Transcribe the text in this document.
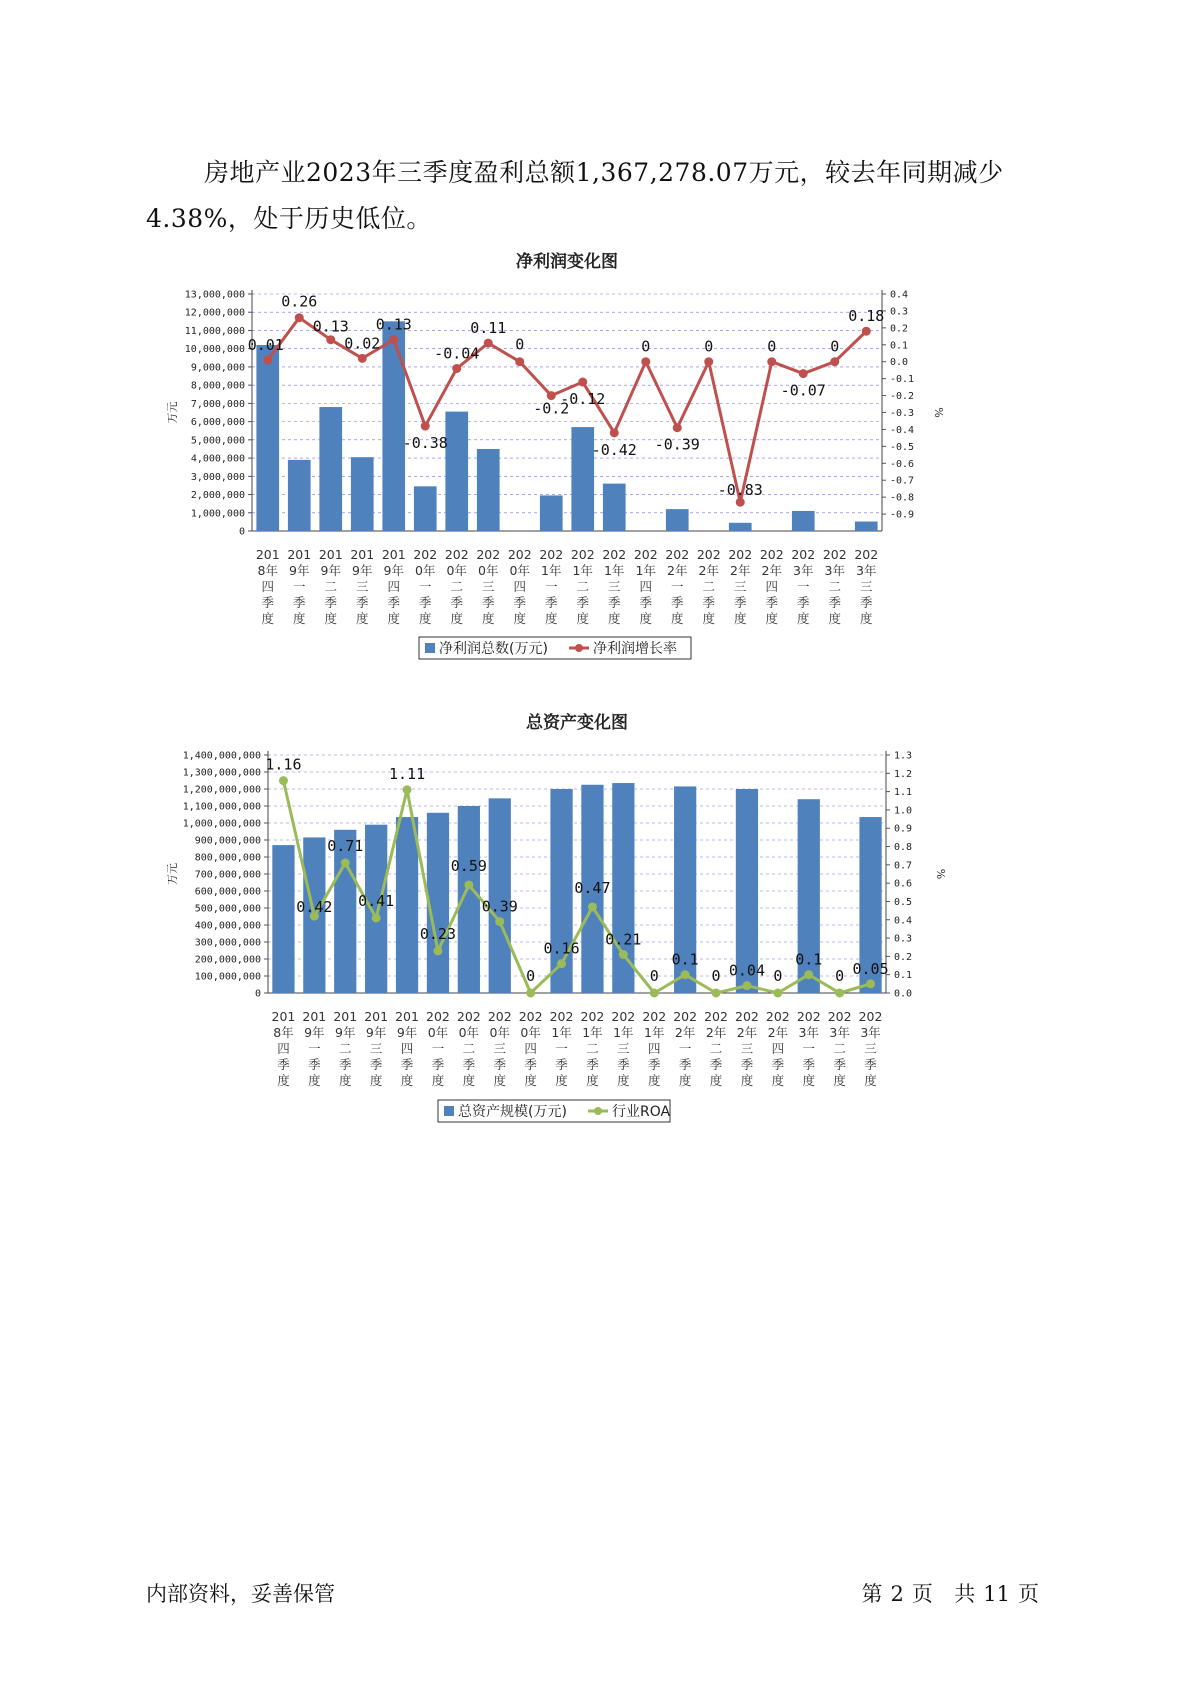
房地产业2023年三季度盈利总额1,367,278.07万元，较去年同期减少4.38%，处于历史低位。

净利润变化图
0
1,000,000
2,000,000
3,000,000
4,000,000
5,000,000
6,000,000
7,000,000
8,000,000
9,000,000
10,000,000
11,000,000
12,000,000
13,000,000	0.4
0.3
0.2
0.1
0.0
-0.1
-0.2
-0.3
-0.4
-0.5
-0.6
-0.7
-0.8
-0.9
万元	%
0.01
0.26
0.13
0.02
0.13
-0.38
-0.04
0.11
0
-0.2
-0.12
-0.42
0
-0.39
0
-0.83
0
-0.07
0
0.18
201 8年四季度
201 9年一季度
201 9年二季度
201 9年三季度
201 9年四季度
202 0年一季度
202 0年二季度
202 0年三季度
202 0年四季度
202 1年一季度
202 1年二季度
202 1年三季度
202 1年四季度
202 2年一季度
202 2年二季度
202 2年三季度
202 2年四季度
202 3年一季度
202 3年二季度
202 3年三季度
净利润总数(万元)	净利润增长率
总资产变化图
0
100,000,000
200,000,000
300,000,000
400,000,000
500,000,000
600,000,000
700,000,000
800,000,000
900,000,000
1,000,000,000
1,100,000,000
1,200,000,000
1,300,000,000
1,400,000,000	1.3
1.2
1.1
1.0
0.9
0.8
0.7
0.6
0.5
0.4
0.3
0.2
0.1
0.0
万元	%
1.16
0.42
0.71
0.41
1.11
0.23
0.59
0.39
0
0.16
0.47
0.21
0
0.1
0 0.04 0
0.1
0 0.05
201 8年四季度
201 9年一季度
201 9年二季度
201 9年三季度
201 9年四季度
202 0年一季度
202 0年二季度
202 0年三季度
202 0年四季度
202 1年一季度
202 1年二季度
202 1年三季度
202 1年四季度
202 2年一季度
202 2年二季度
202 2年三季度
202 2年四季度
202 3年一季度
202 3年二季度
202 3年三季度
总资产规模(万元)	行业ROA
内部资料，妥善保管	第 2 页 共 11 页
